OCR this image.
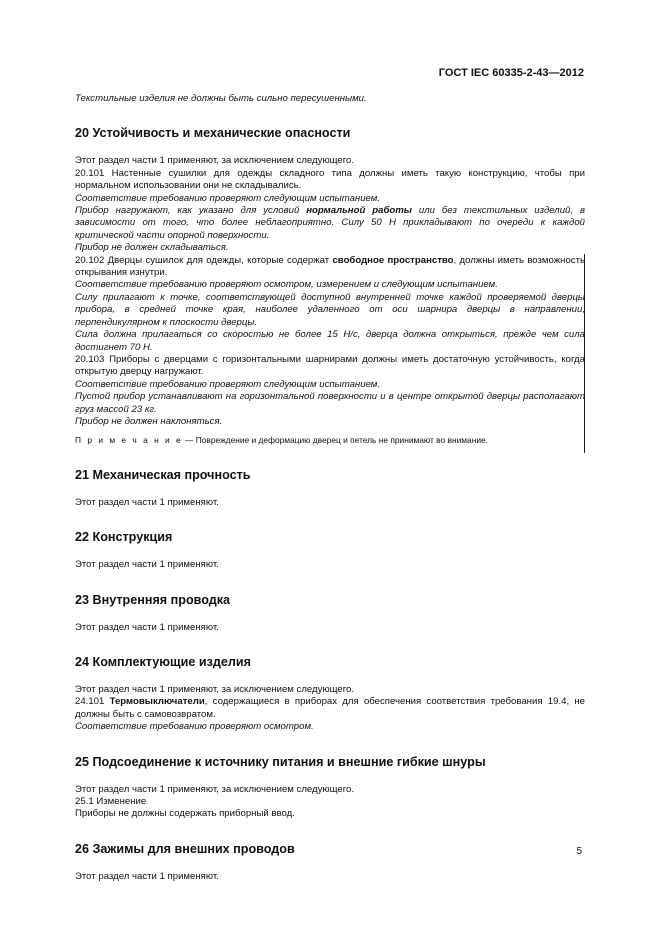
ГОСТ IEC 60335-2-43—2012

Текстильные изделия не должны быть сильно пересушенными.

20 Устойчивость и механические опасности

Этот раздел части 1 применяют, за исключением следующего.

20.101 Настенные сушилки для одежды складного типа должны иметь такую конструкцию, чтобы при нормальном использовании они не складывались.

Соответствие требованию проверяют следующим испытанием.

Прибор нагружают, как указано для условий нормальной работы или без текстильных изделий, в зависимости от того, что более неблагоприятно. Силу 50 Н прикладывают по очереди к каждой критической части опорной поверхности.

Прибор не должен складываться.

20.102 Дверцы сушилок для одежды, которые содержат свободное пространство, должны иметь возможность открывания изнутри.

Соответствие требованию проверяют осмотром, измерением и следующим испытанием.

Силу прилагают к точке, соответствующей доступной внутренней точке каждой проверяемой дверцы прибора, в средней точке края, наиболее удаленного от оси шарнира дверцы в направлении, перпендикулярном к плоскости дверцы.

Сила должна прилагаться со скоростью не более 15 Н/с, дверца должна открыться, прежде чем сила достигнет 70 Н.

20.103 Приборы с дверцами с горизонтальными шарнирами должны иметь достаточную устойчивость, когда открытую дверцу нагружают.

Соответствие требованию проверяют следующим испытанием.

Пустой прибор устанавливают на горизонтальной поверхности и в центре открытой дверцы располагают груз массой 23 кг.

Прибор не должен наклоняться.

П р и м е ч а н и е — Повреждение и деформацию дверец и петель не принимают во внимание.

21 Механическая прочность

Этот раздел части 1 применяют.

22 Конструкция

Этот раздел части 1 применяют.

23 Внутренняя проводка

Этот раздел части 1 применяют.

24 Комплектующие изделия

Этот раздел части 1 применяют, за исключением следующего.

24.101 Термовыключатели, содержащиеся в приборах для обеспечения соответствия требования 19.4, не должны быть с самовозвратом.

Соответствие требованию проверяют осмотром.

25 Подсоединение к источнику питания и внешние гибкие шнуры

Этот раздел части 1 применяют, за исключением следующего.

25.1 Изменение

Приборы не должны содержать приборный ввод.

26 Зажимы для внешних проводов

Этот раздел части 1 применяют.

5
